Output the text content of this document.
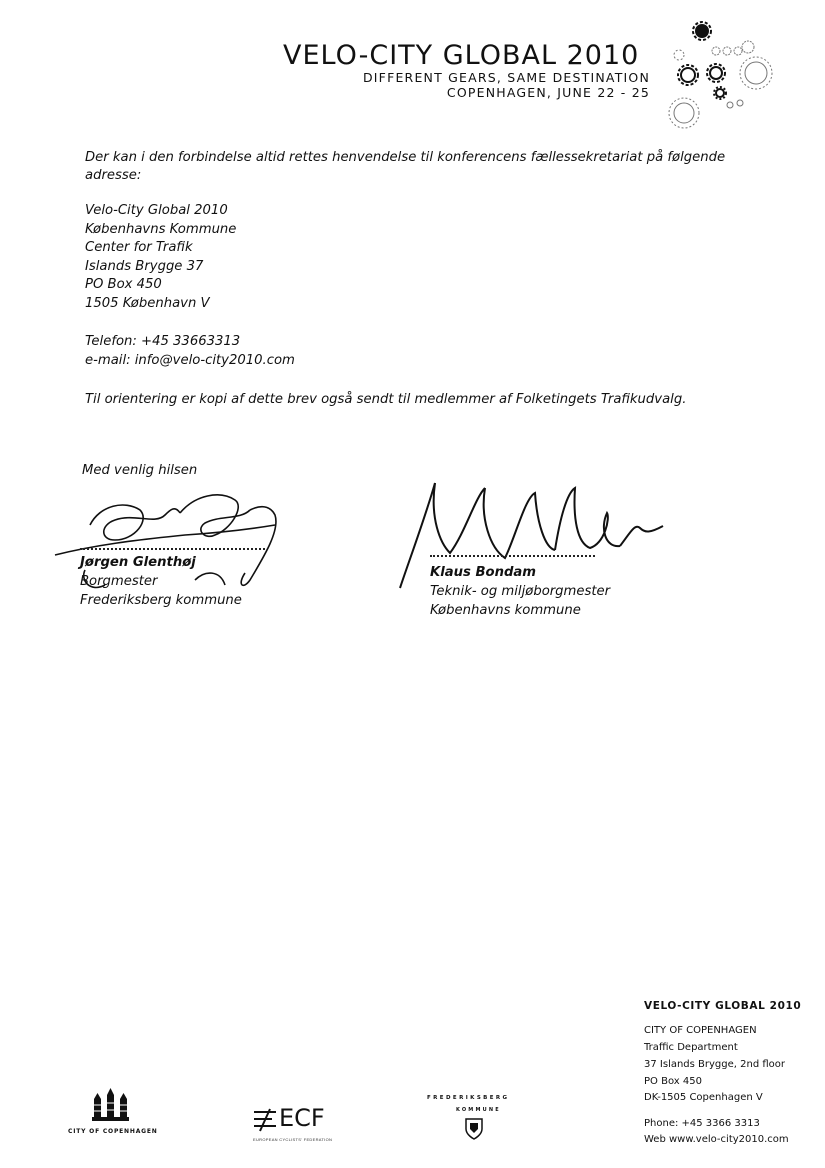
VELO-CITY GLOBAL 2010
DIFFERENT GEARS, SAME DESTINATION
COPENHAGEN, JUNE 22 - 25
Der kan i den forbindelse altid rettes henvendelse til konferencens fællessekretariat på følgende
adresse:
Velo-City Global 2010
Københavns Kommune
Center for Trafik
Islands Brygge 37
PO Box 450
1505 København V
Telefon: +45 33663313
e-mail: info@velo-city2010.com
Til orientering er kopi af dette brev også sendt til medlemmer af Folketingets Trafikudvalg.
Med venlig hilsen
Jørgen Glenthøj
Borgmester
Frederiksberg kommune
Klaus Bondam
Teknik- og miljøborgmester
Københavns kommune
VELO-CITY GLOBAL 2010
CITY OF COPENHAGEN
Traffic Department
37 Islands Brygge, 2nd floor
PO Box 450
DK-1505 Copenhagen V
Phone: +45 3366 3313
Web www.velo-city2010.com
CITY OF COPENHAGEN	ECF
EUROPEAN CYCLISTS' FEDERATION
FREDERIKSBERG
KOMMUNE
